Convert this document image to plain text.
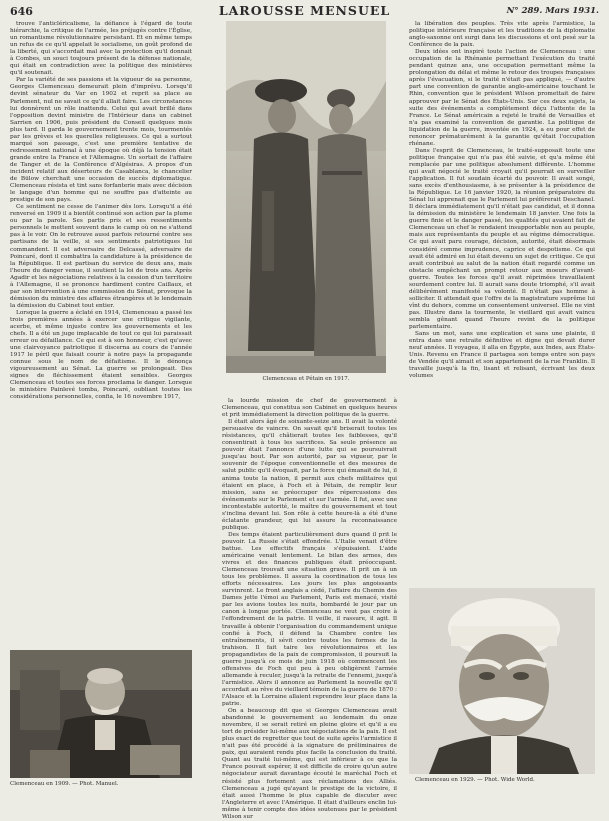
646	LAROUSSE MENSUEL	N° 289. Mars 1931.

trouve l'anticléricalisme, la défiance à l'égard de toute hiérarchie, la critique de l'armée, les préjugés contre l'Église, un romantisme révolutionnaire persistant. Et en même temps un refus de ce qu'il appelait le socialisme, un goût profond de la liberté, qui s'accordait mal avec la protection qu'il donnait à Combes, un souci toujours présent de la défense nationale, qui était en contradiction avec la politique des ministères qu'il soutenait.

Par la variété de ses passions et la vigueur de sa personne, Georges Clemenceau demeurait plein d'imprévu. Lorsqu'il devint sénateur du Var en 1902 et reprit sa place au Parlement, nul ne savait ce qu'il allait faire. Les circonstances lui donnèrent un rôle inattendu. Celui qui avait brillé dans l'opposition devint ministre de l'Intérieur dans un cabinet Sarrien en 1906, puis président du Conseil quelques mois plus tard. Il garda le gouvernement trente mois, tourmentés par les grèves et les querelles religieuses. Ce qui a surtout marqué son passage, c'est une première tentative de redressement national à une époque où déjà la tension était grande entre la France et l'Allemagne. Un sortait de l'affaire de Tanger et de la Conférence d'Algésiras. A propos d'un incident relatif aux déserteurs de Casablanca, le chancelier de Bülow cherchait une occasion de succès diplomatique. Clemenceau résista et tint sans forfanterie mais avec décision le langage d'un homme qui ne souffre pas d'atteinte au prestige de son pays.

Ce sentiment ne cesse de l'animer dès lors. Lorsqu'il a été renversé en 1909 il a bientôt continué son action par la plume ou par la parole. Ses partis pris et ses ressentiments personnels le mettent souvent dans le camp où on ne s'attend pas à le voir. On le retrouve aussi parfois retourné contre ses partisans de la veille, si ses sentiments patriotiques lui commandent. Il est adversaire de Delcassé, adversaire de Poincaré, dont il combattra la candidature à la présidence de la République. Il est partisan du service de deux ans, mais l'heure du danger venue, il soutient la loi de trois ans. Après Agadir et les négociations relatives à la cession d'un territoire à l'Allemagne, il se prononce hardiment contre Caillaux, et par son intervention à une commission du Sénat, provoque la démission du ministre des affaires étrangères et le lendemain la démission du Cabinet tout entier.

Lorsque la guerre a éclaté en 1914, Clemenceau a passé les trois premières années à exercer une critique vigilante, acerbe, et même injuste contre les gouvernements et les chefs. Il a été un juge implacable de tout ce qui lui paraissait erreur ou défaillance. Ce qui est à son honneur, c'est qu'avec une clairvoyance patriotique il discerna au cours de l'année 1917 le péril que faisait courir à notre pays la propagande connue sous le nom de défaitisme. Il le dénonça vigoureusement au Sénat. La guerre se prolongeait. Des signes de fléchissement étaient sensibles. Georges Clemenceau et toutes ses forces proclama le danger. Lorsque le ministère Painlevé tomba, Poincaré, oubliant toutes les considérations personnelles, confia, le 16 novembre 1917,

Clemenceau et Pétain en 1917.

la lourde mission de chef de gouvernement à Clemenceau, qui constitua son Cabinet en quelques heures et prit immédiatement la direction politique de la guerre.

Il était alors âgé de soixante-seize ans. Il avait la volonté persuasive de vaincre. On savait qu'il briserait toutes les résistances, qu'il châtierait toutes les faiblesses, qu'il consentirait à tous les sacrifices. Sa seule présence au pouvoir était l'annonce d'une lutte qui se poursuivrait jusqu'au bout. Par son autorité, par sa vigueur, par le souvenir de l'époque conventionnelle et des mesures de salut public qu'il évoquait, par la force qui émanait de lui, il anima toute la nation, il permit aux chefs militaires qui étaient en place, à Foch et à Pétain, de remplir leur mission, sans se préoccuper des répercussions des événements sur le Parlement et sur l'armée. Il fut, avec une incontestable autorité, le maître du gouvernement et tout s'inclina devant lui. Son rôle à cette heure-là a été d'une éclatante grandeur, qui lui assure la reconnaissance publique.

Des temps étaient particulièrement durs quand il prit le pouvoir. La Russie s'était effondrée. L'Italie venait d'être battue. Les effectifs français s'épuisaient. L'aide américaine venait lentement. Le bilan des armes, des vivres et des finances publiques était préoccupant. Clemenceau trouvait une situation grave. Il prit un à un tous les problèmes. Il assura la coordination de tous les efforts nécessaires. Les jours les plus angoissants survinrent. Le front anglais a cédé, l'affaire du Chemin des Dames jette l'émoi au Parlement, Paris est menacé, visité par les avions toutes les nuits, bombardé le jour par un canon à longue portée. Clemenceau ne veut pas croire à l'effondrement de la patrie. Il veille, il rassure, il agit. Il travaille à obtenir l'organisation du commandement unique confié à Foch, il défend la Chambre contre les entraînements, il sévit contre toutes les formes de la trahison. Il fait taire les révolutionnaires et les propagandistes de la paix de compromission, il poursuit la guerre jusqu'à ce mois de juin 1918 où commencent les offensives de Foch qui peu à peu obligèrent l'armée allemande à reculer, jusqu'à la retraite de l'ennemi, jusqu'à l'armistice. Alors il annonce au Parlement la nouvelle qu'il accordait au rêve du vieillard témoin de la guerre de 1870 : l'Alsace et la Lorraine allaient reprendre leur place dans la patrie.

On a beaucoup dit que si Georges Clemenceau avait abandonné le gouvernement au lendemain du onze novembre, il se serait retiré en pleine gloire et qu'il a eu tort de présider lui-même aux négociations de la paix. Il est plus exact de regretter que tout de suite après l'armistice il n'ait pas été procédé à la signature de préliminaires de paix, qui auraient rendu plus facile la conclusion du traité. Quant au traité lui-même, qui est inférieur à ce que la France pouvait espérer, il est difficile de croire qu'un autre négociateur aurait davantage écouté le maréchal Foch et résisté plus fortement aux réclamations des Alliés. Clemenceau a jugé qu'ayant le prestige de la victoire, il était aussi l'homme le plus capable de discuter avec l'Angleterre et avec l'Amérique. Il était d'ailleurs enclin lui-même à tenir compte des idées soutenues par le président Wilson sur

la libération des peuples. Très vite après l'armistice, la politique intérieure française et les traditions de la diplomatie anglo-saxonne ont surgi dans les discussions et ont pesé sur la Conférence de la paix.

Deux idées ont inspiré toute l'action de Clemenceau : une occupation de la Rhénanie permettant l'exécution du traité pendant quinze ans, une occupation permettant même la prolongation du délai et même le retour des troupes françaises après l'évacuation, si le traité n'était pas appliqué, — d'autre part une convention de garantie anglo-américaine touchant le Rhin, convention que le président Wilson promettait de faire approuver par le Sénat des États-Unis. Sur ces deux sujets, la suite des événements a complètement déçu l'attente de la France. Le Sénat américain a rejeté le traité de Versailles et n'a pas examiné la convention de garantie. La politique de liquidation de la guerre, inventée en 1924, a eu pour effet de renoncer prématurément à la garantie qu'était l'occupation rhénane.

Dans l'esprit de Clemenceau, le traité-supposait toute une politique française qui n'a pas été suivie, et qu'a même été remplacée par une politique absolument différente. L'homme qui avait négocié le traité croyait qu'il pourrait en surveiller l'application. Il fut soudain écarté du pouvoir. Il avait songé, sans excès d'enthousiasme, à se présenter à la présidence de la République. Le 16 janvier 1920, la réunion préparatoire du Sénat lui apprenait que le Parlement lui préférerait Deschanel. Il déclara immédiatement qu'il n'était pas candidat, et il donna la démission du ministère le lendemain 18 janvier. Une fois la guerre finie et le danger passé, les qualités qui avaient fait de Clemenceau un chef le rendaient insupportable non au peuple, mais aux représentants du peuple et au régime démocratique. Ce qui avait paru courage, décision, autorité, était désormais considéré comme imprudence, caprice et despotisme. Ce qui avait été admiré en lui était devenu un sujet de critique. Ce qui avait contribué au salut de la nation était regardé comme un obstacle empêchant un prompt retour aux moeurs d'avant-guerre. Toutes les forces qu'il avait réprimées travaillaient sourdement contre lui. Il aurait sans doute triomphé, s'il avait délibérément manifesté sa volonté. Il n'était pas homme à solliciter. Il attendait que l'offre de la magistrature suprême lui vînt du dehors, comme un consentement universel. Elle ne vint pas. Illustre dans la tourmente, le vieillard qui avait vaincu sembla gênant quand l'heure revint de la politique parlementaire.

Sans un mot, sans une explication et sans une plainte, il entra dans une retraite définitive et digne qui devait durer neuf années. Il voyagea, il alla en Égypte, aux Indes, aux États-Unis. Revenu en France il partagea son temps entre son pays de Vendée qu'il aimait et son appartement de la rue Franklin. Il travaille jusqu'à la fin, lisant et relisant, écrivant les deux volumes

Clemenceau en 1909. — Phot. Manuel.
Clemenceau en 1929. — Phot. Wide World.
